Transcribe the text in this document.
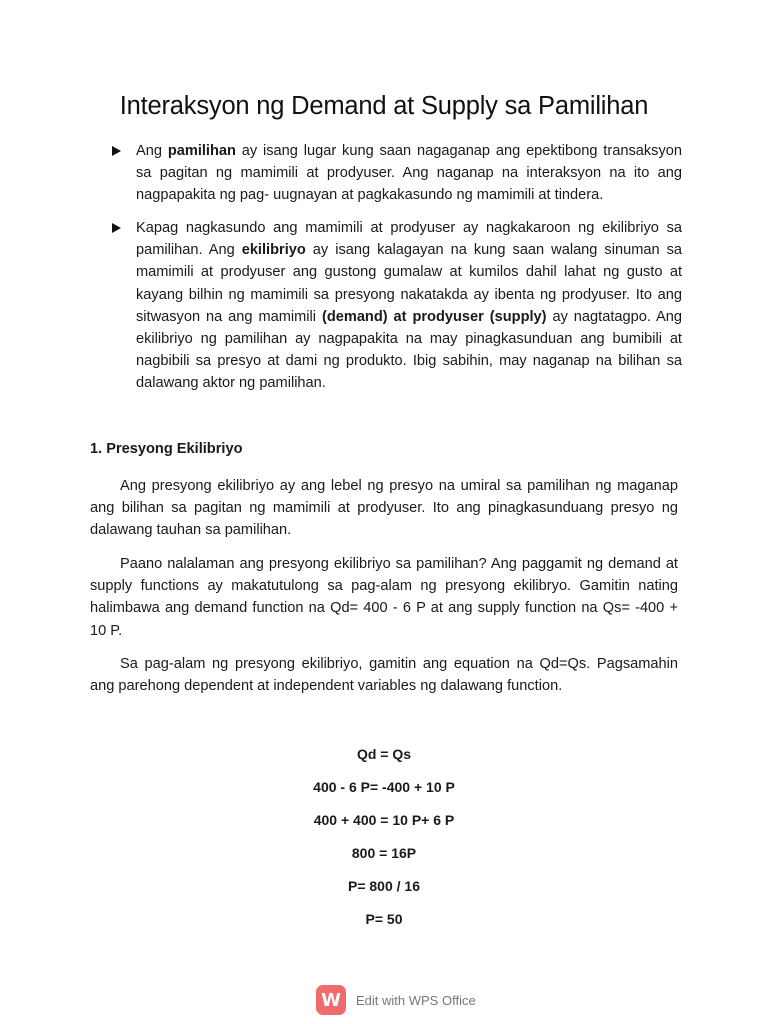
Interaksyon ng Demand at Supply sa Pamilihan
Ang pamilihan ay isang lugar kung saan nagaganap ang epektibong transaksyon sa pagitan ng mamimili at prodyuser. Ang naganap na interaksyon na ito ang nagpapakita ng pag- uugnayan at pagkakasundo ng mamimili at tindera.
Kapag nagkasundo ang mamimili at prodyuser ay nagkakaroon ng ekilibriyo sa pamilihan. Ang ekilibriyo ay isang kalagayan na kung saan walang sinuman sa mamimili at prodyuser ang gustong gumalaw at kumilos dahil lahat ng gusto at kayang bilhin ng mamimili sa presyong nakatakda ay ibenta ng prodyuser. Ito ang sitwasyon na ang mamimili (demand) at prodyuser (supply) ay nagtatagpo. Ang ekilibriyo ng pamilihan ay nagpapakita na may pinagkasunduan ang bumibili at nagbibili sa presyo at dami ng produkto. Ibig sabihin, may naganap na bilihan sa dalawang aktor ng pamilihan.
1. Presyong Ekilibriyo

Ang presyong ekilibriyo ay ang lebel ng presyo na umiral sa pamilihan ng maganap ang bilihan sa pagitan ng mamimili at prodyuser. Ito ang pinagkasunduang presyo ng dalawang tauhan sa pamilihan.

Paano nalalaman ang presyong ekilibriyo sa pamilihan? Ang paggamit ng demand at supply functions ay makatutulong sa pag-alam ng presyong ekilibryo. Gamitin nating halimbawa ang demand function na Qd= 400 - 6 P at ang supply function na Qs= -400 + 10 P.

Sa pag-alam ng presyong ekilibriyo, gamitin ang equation na Qd=Qs. Pagsamahin ang parehong dependent at independent variables ng dalawang function.

Qd = Qs

400 - 6 P= -400 + 10 P

400 + 400 = 10 P+ 6 P

800 = 16P

P= 800 / 16

P= 50

W	Edit with WPS Office
